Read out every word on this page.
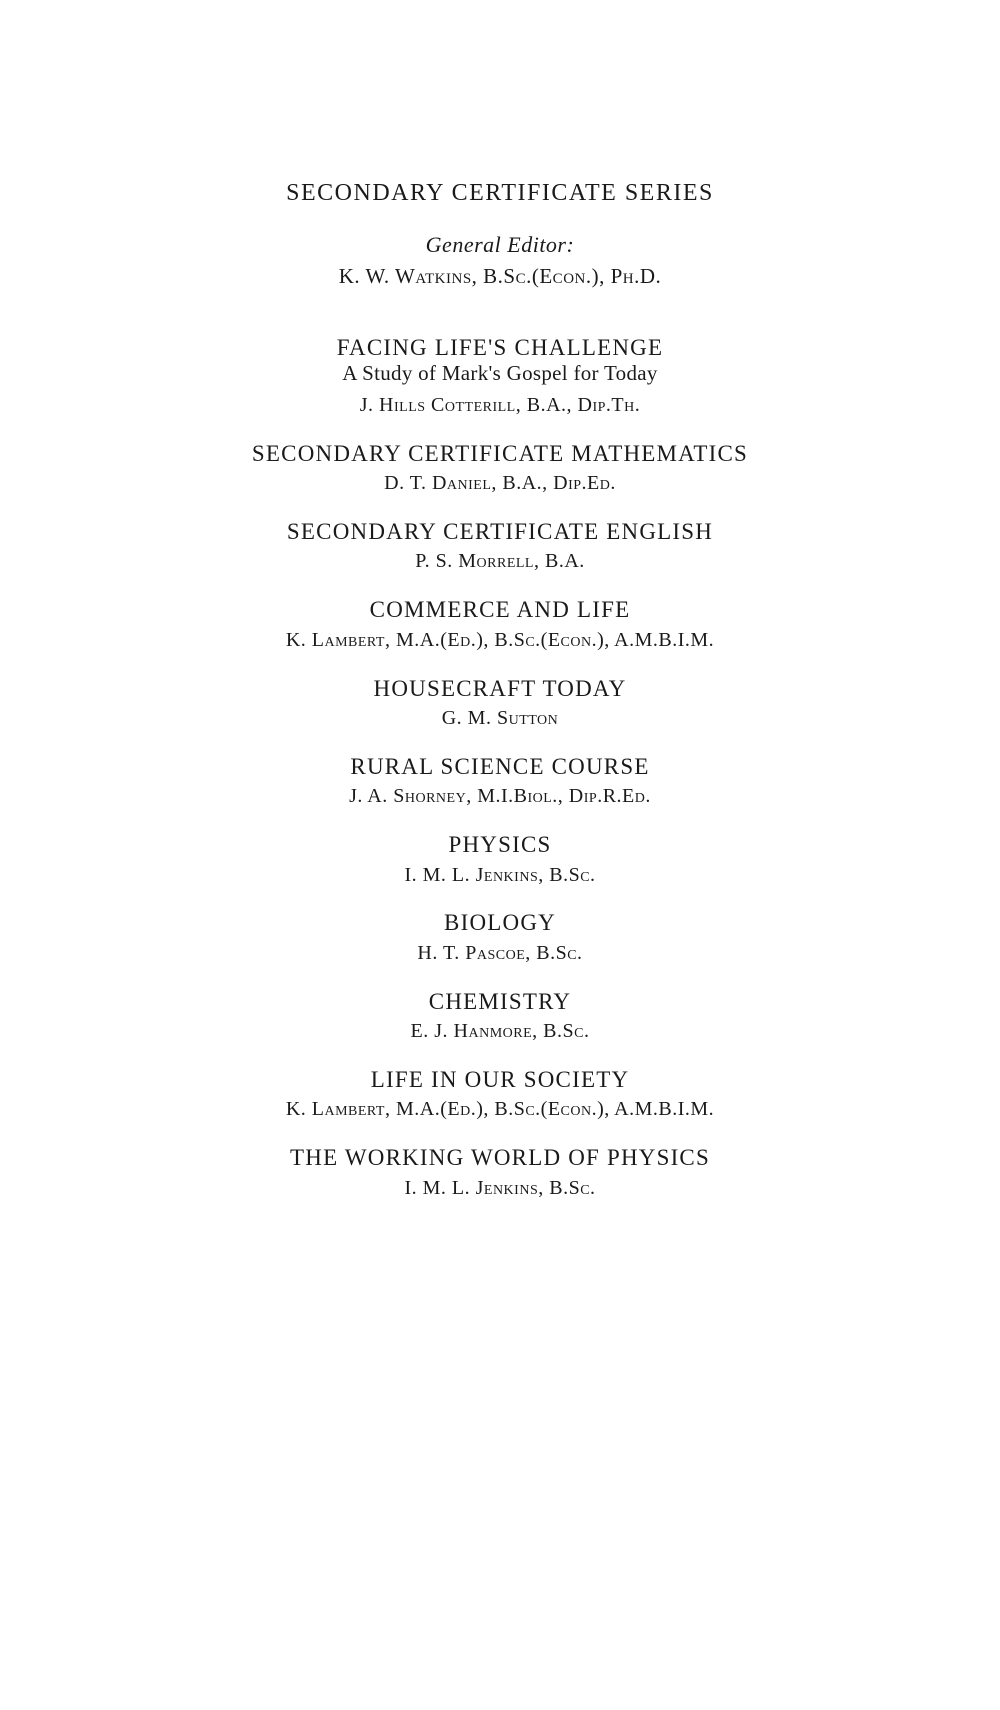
SECONDARY CERTIFICATE SERIES
General Editor:
K. W. Watkins, B.Sc.(Econ.), Ph.D.
FACING LIFE'S CHALLENGE
A Study of Mark's Gospel for Today
J. Hills Cotterill, B.A., Dip.Th.
SECONDARY CERTIFICATE MATHEMATICS
D. T. Daniel, B.A., Dip.Ed.
SECONDARY CERTIFICATE ENGLISH
P. S. Morrell, B.A.
COMMERCE AND LIFE
K. Lambert, M.A.(Ed.), B.Sc.(Econ.), A.M.B.I.M.
HOUSECRAFT TODAY
G. M. Sutton
RURAL SCIENCE COURSE
J. A. Shorney, M.I.Biol., Dip.R.Ed.
PHYSICS
I. M. L. Jenkins, B.Sc.
BIOLOGY
H. T. Pascoe, B.Sc.
CHEMISTRY
E. J. Hanmore, B.Sc.
LIFE IN OUR SOCIETY
K. Lambert, M.A.(Ed.), B.Sc.(Econ.), A.M.B.I.M.
THE WORKING WORLD OF PHYSICS
I. M. L. Jenkins, B.Sc.
